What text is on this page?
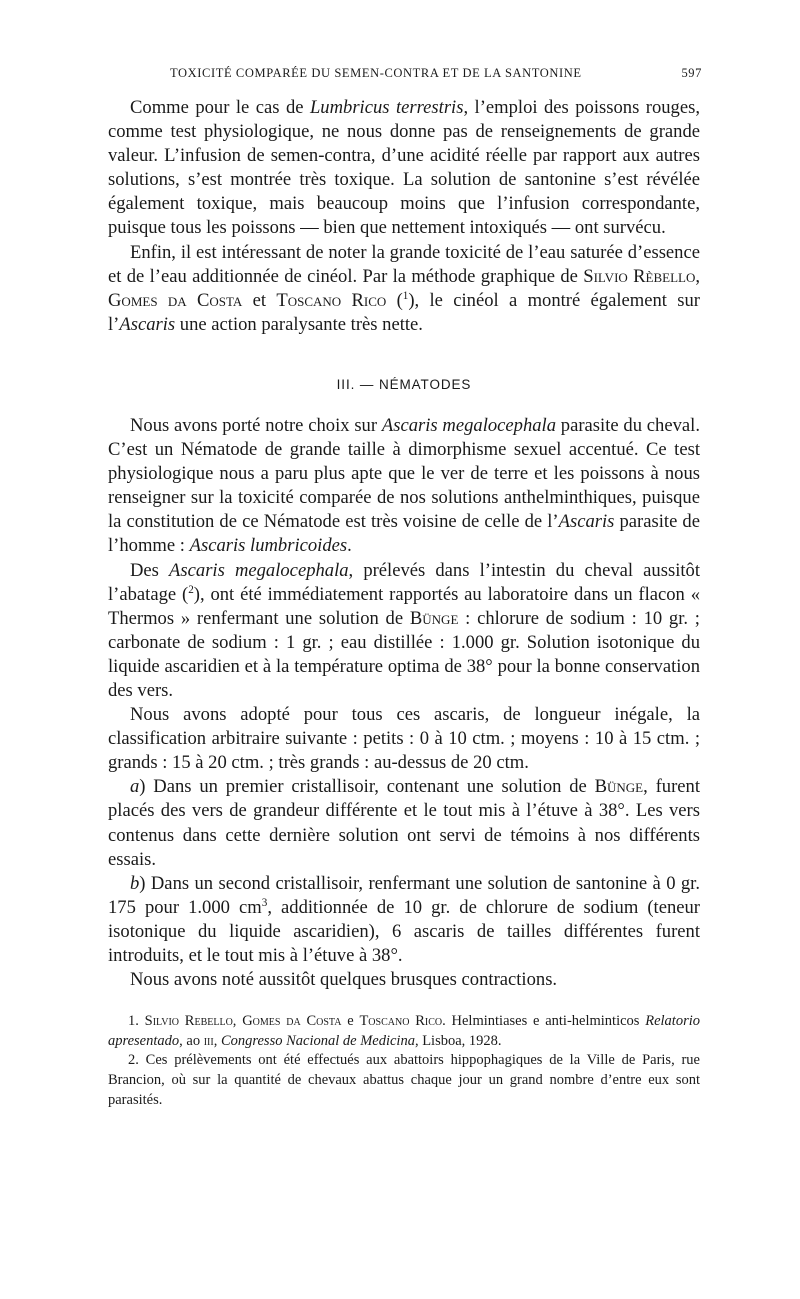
TOXICITÉ COMPARÉE DU SEMEN-CONTRA ET DE LA SANTONINE	597

Comme pour le cas de Lumbricus terrestris, l’emploi des poissons rouges, comme test physiologique, ne nous donne pas de renseignements de grande valeur. L’infusion de semen-contra, d’une acidité réelle par rapport aux autres solutions, s’est montrée très toxique. La solution de santonine s’est révélée également toxique, mais beaucoup moins que l’infusion correspondante, puisque tous les poissons — bien que nettement intoxiqués — ont survécu.

Enfin, il est intéressant de noter la grande toxicité de l’eau saturée d’essence et de l’eau additionnée de cinéol. Par la méthode graphique de Silvio Rèbello, Gomes da Costa et Toscano Rico ($^1$), le cinéol a montré également sur l’Ascaris une action paralysante très nette.

III. — NÉMATODES

Nous avons porté notre choix sur Ascaris megalocephala parasite du cheval. C’est un Nématode de grande taille à dimorphisme sexuel accentué. Ce test physiologique nous a paru plus apte que le ver de terre et les poissons à nous renseigner sur la toxicité comparée de nos solutions anthelminthiques, puisque la constitution de ce Nématode est très voisine de celle de l’Ascaris parasite de l’homme : Ascaris lumbricoides.

Des Ascaris megalocephala, prélevés dans l’intestin du cheval aussitôt l’abatage ($^2$), ont été immédiatement rapportés au laboratoire dans un flacon « Thermos » renfermant une solution de Bünge : chlorure de sodium : 10 gr. ; carbonate de sodium : 1 gr. ; eau distillée : 1.000 gr. Solution isotonique du liquide ascaridien et à la température optima de 38° pour la bonne conservation des vers.

Nous avons adopté pour tous ces ascaris, de longueur inégale, la classification arbitraire suivante : petits : 0 à 10 ctm. ; moyens : 10 à 15 ctm. ; grands : 15 à 20 ctm. ; très grands : au-dessus de 20 ctm.

a) Dans un premier cristallisoir, contenant une solution de Bünge, furent placés des vers de grandeur différente et le tout mis à l’étuve à 38°. Les vers contenus dans cette dernière solution ont servi de témoins à nos différents essais.

b) Dans un second cristallisoir, renfermant une solution de santonine à 0 gr. 175 pour 1.000 $cm^3$, additionnée de 10 gr. de chlorure de sodium (teneur isotonique du liquide ascaridien), 6 ascaris de tailles différentes furent introduits, et le tout mis à l’étuve à 38°.

Nous avons noté aussitôt quelques brusques contractions.

1. Silvio Rebello, Gomes da Costa e Toscano Rico. Helmintiases e anti-helminticos Relatorio apresentado, ao iii, Congresso Nacional de Medicina, Lisboa, 1928.

2. Ces prélèvements ont été effectués aux abattoirs hippophagiques de la Ville de Paris, rue Brancion, où sur la quantité de chevaux abattus chaque jour un grand nombre d’entre eux sont parasités.
